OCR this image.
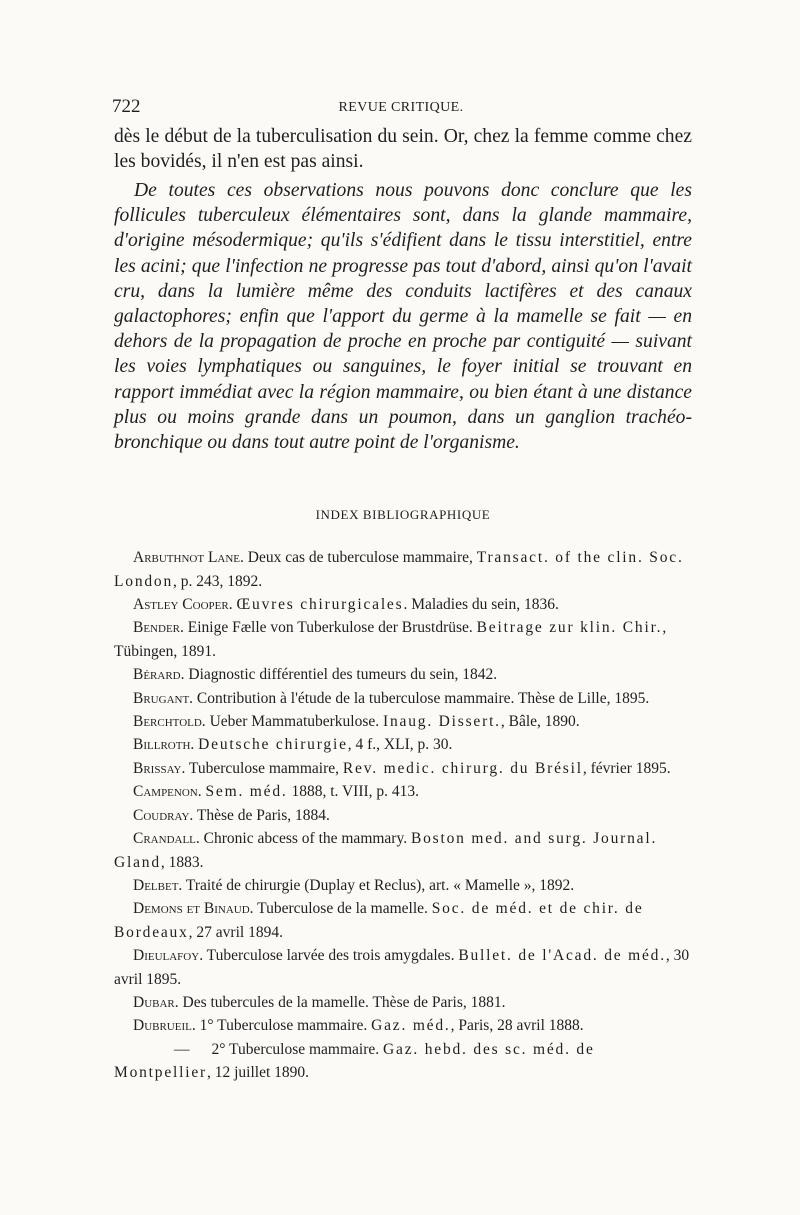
722	REVUE CRITIQUE.

dès le début de la tuberculisation du sein. Or, chez la femme comme chez les bovidés, il n'en est pas ainsi.

De toutes ces observations nous pouvons donc conclure que les follicules tuberculeux élémentaires sont, dans la glande mammaire, d'origine mésodermique; qu'ils s'édifient dans le tissu interstitiel, entre les acini; que l'infection ne progresse pas tout d'abord, ainsi qu'on l'avait cru, dans la lumière même des conduits lactifères et des canaux galactophores; enfin que l'apport du germe à la mamelle se fait — en dehors de la propagation de proche en proche par contiguité — suivant les voies lymphatiques ou sanguines, le foyer initial se trouvant en rapport immédiat avec la région mammaire, ou bien étant à une distance plus ou moins grande dans un poumon, dans un ganglion trachéo-bronchique ou dans tout autre point de l'organisme.

INDEX BIBLIOGRAPHIQUE

Arbuthnot Lane. Deux cas de tuberculose mammaire, Transact. of the clin. Soc. London, p. 243, 1892.

Astley Cooper. Œuvres chirurgicales. Maladies du sein, 1836.

Bender. Einige Fælle von Tuberkulose der Brustdrüse. Beitrage zur klin. Chir., Tübingen, 1891.

Bérard. Diagnostic différentiel des tumeurs du sein, 1842.

Brugant. Contribution à l'étude de la tuberculose mammaire. Thèse de Lille, 1895.

Berchtold. Ueber Mammatuberkulose. Inaug. Dissert., Bâle, 1890.

Billroth. Deutsche chirurgie, 4 f., XLI, p. 30.

Brissay. Tuberculose mammaire, Rev. medic. chirurg. du Brésil, février 1895.

Campenon. Sem. méd. 1888, t. VIII, p. 413.

Coudray. Thèse de Paris, 1884.

Crandall. Chronic abcess of the mammary. Boston med. and surg. Journal. Gland, 1883.

Delbet. Traité de chirurgie (Duplay et Reclus), art. « Mamelle », 1892.

Demons et Binaud. Tuberculose de la mamelle. Soc. de méd. et de chir. de Bordeaux, 27 avril 1894.

Dieulafoy. Tuberculose larvée des trois amygdales. Bullet. de l'Acad. de méd., 30 avril 1895.

Dubar. Des tubercules de la mamelle. Thèse de Paris, 1881.

Dubrueil. 1° Tuberculose mammaire. Gaz. méd., Paris, 28 avril 1888.

— 2° Tuberculose mammaire. Gaz. hebd. des sc. méd. de Montpellier, 12 juillet 1890.
